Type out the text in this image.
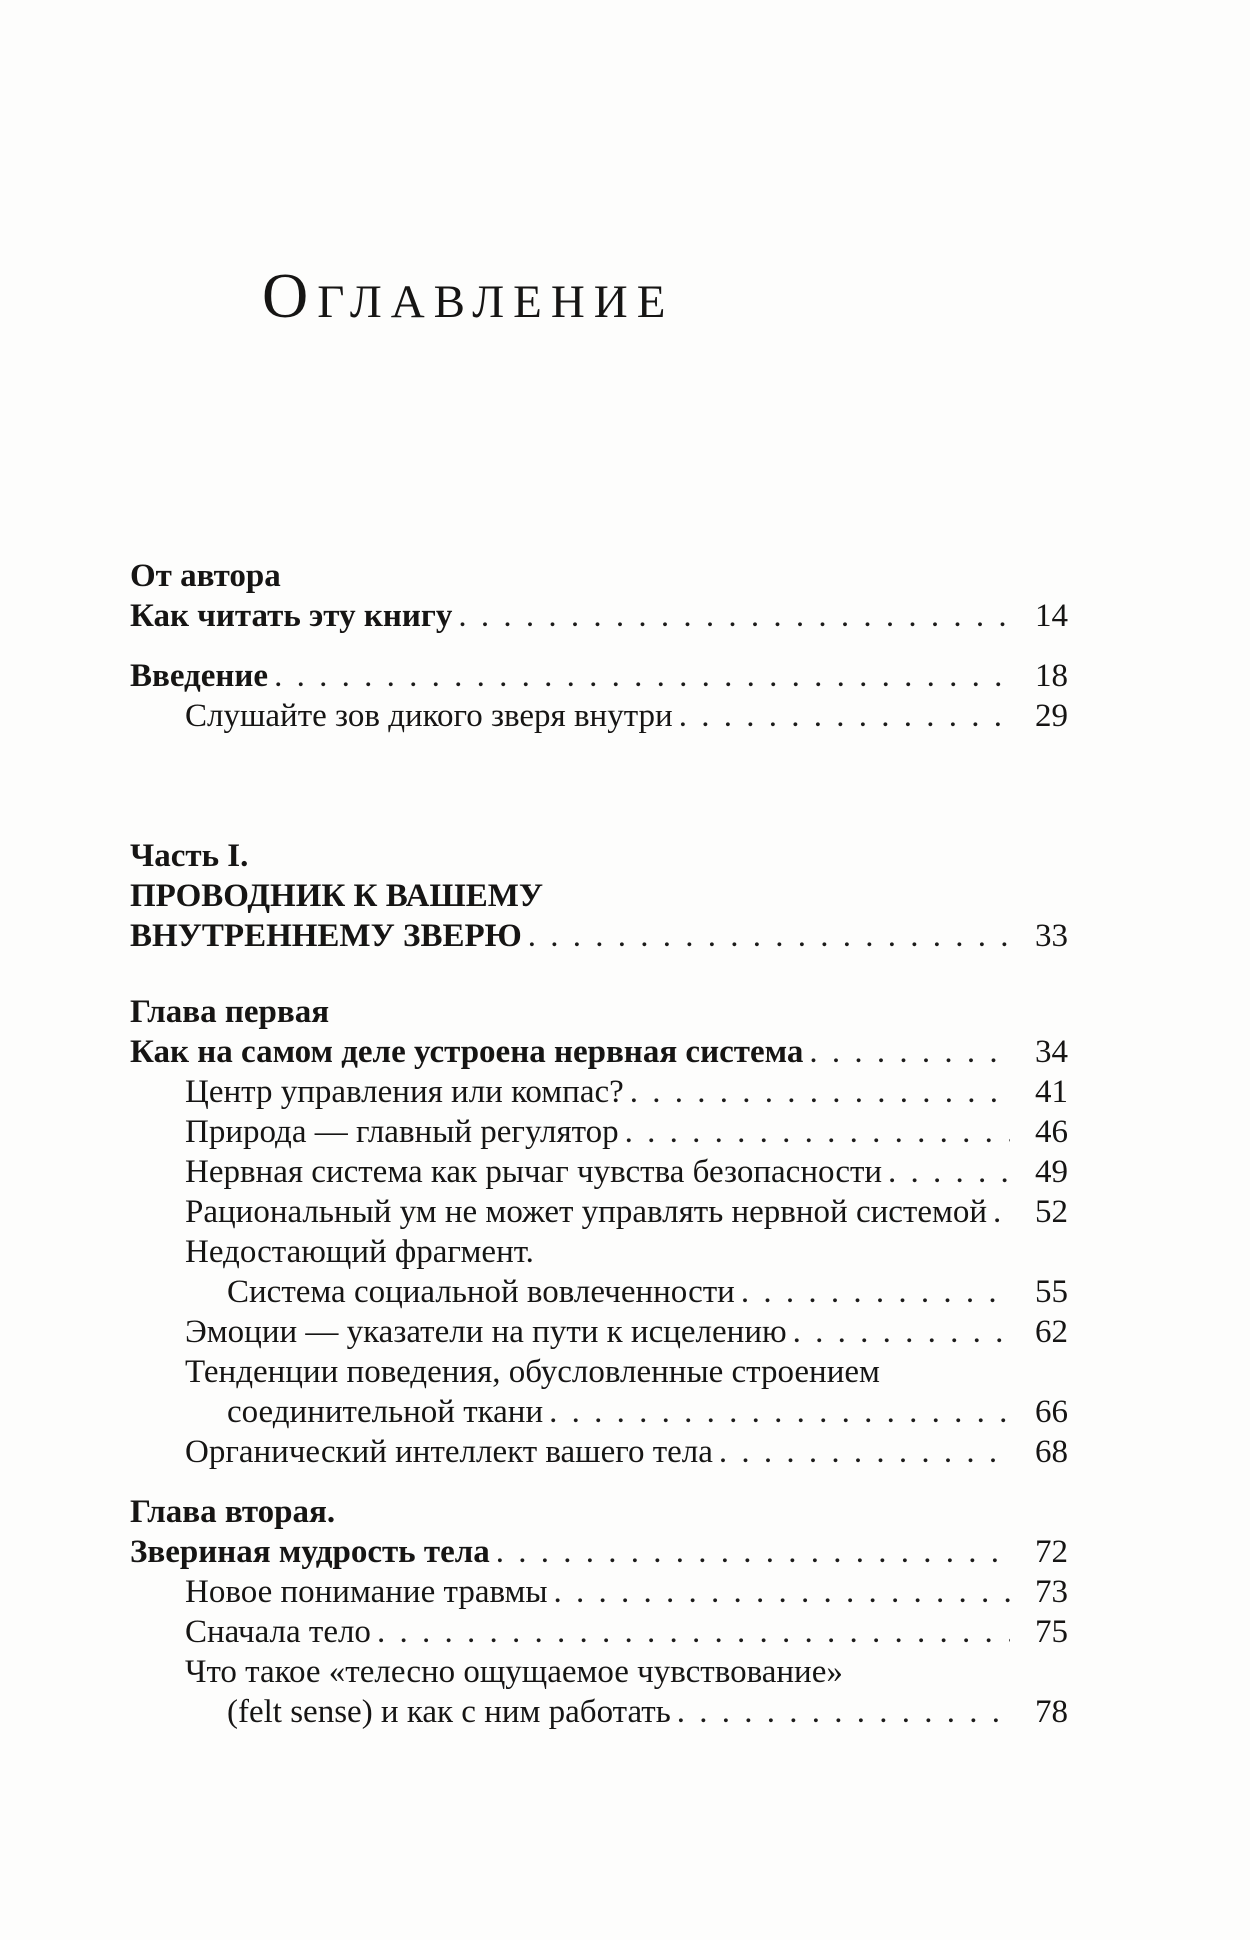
ОГЛАВЛЕНИЕ
От автора
Как читать эту книгу . . .	14
Введение . . .	18
Слушайте зов дикого зверя внутри . . .	29
Часть I.
ПРОВОДНИК К ВАШЕМУ
ВНУТРЕННЕМУ ЗВЕРЮ . . .	33
Глава первая
Как на самом деле устроена нервная система . . .	34
Центр управления или компас? . . .	41
Природа — главный регулятор . . .	46
Нервная система как рычаг чувства безопасности . . .	49
Рациональный ум не может управлять нервной системой . . .	52
Недостающий фрагмент.
Система социальной вовлеченности . . .	55
Эмоции — указатели на пути к исцелению . . .	62
Тенденции поведения, обусловленные строением
соединительной ткани . . .	66
Органический интеллект вашего тела . . .	68
Глава вторая.
Звериная мудрость тела . . .	72
Новое понимание травмы . . .	73
Сначала тело . . .	75
Что такое «телесно ощущаемое чувствование»
(felt sense) и как с ним работать . . .	78
